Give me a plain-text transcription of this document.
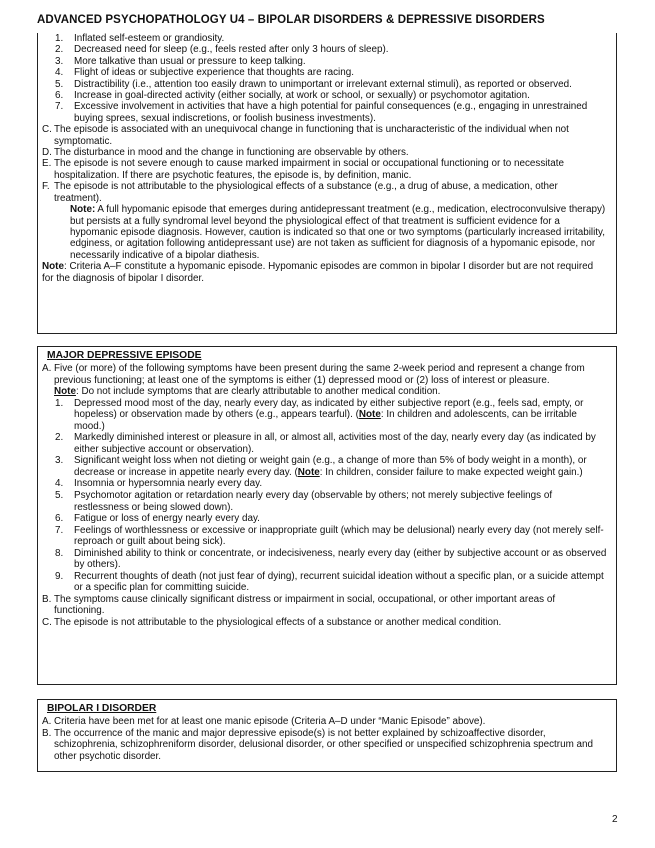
ADVANCED PSYCHOPATHOLOGY U4 – BIPOLAR DISORDERS & DEPRESSIVE DISORDERS
1. Inflated self-esteem or grandiosity.
2. Decreased need for sleep (e.g., feels rested after only 3 hours of sleep).
3. More talkative than usual or pressure to keep talking.
4. Flight of ideas or subjective experience that thoughts are racing.
5. Distractibility (i.e., attention too easily drawn to unimportant or irrelevant external stimuli), as reported or observed.
6. Increase in goal-directed activity (either socially, at work or school, or sexually) or psychomotor agitation.
7. Excessive involvement in activities that have a high potential for painful consequences (e.g., engaging in unrestrained buying sprees, sexual indiscretions, or foolish business investments).
C. The episode is associated with an unequivocal change in functioning that is uncharacteristic of the individual when not symptomatic.
D. The disturbance in mood and the change in functioning are observable by others.
E. The episode is not severe enough to cause marked impairment in social or occupational functioning or to necessitate hospitalization. If there are psychotic features, the episode is, by definition, manic.
F. The episode is not attributable to the physiological effects of a substance (e.g., a drug of abuse, a medication, other treatment).
Note: A full hypomanic episode that emerges during antidepressant treatment (e.g., medication, electroconvulsive therapy) but persists at a fully syndromal level beyond the physiological effect of that treatment is sufficient evidence for a hypomanic episode diagnosis. However, caution is indicated so that one or two symptoms (particularly increased irritability, edginess, or agitation following antidepressant use) are not taken as sufficient for diagnosis of a hypomanic episode, nor necessarily indicative of a bipolar diathesis.
Note: Criteria A–F constitute a hypomanic episode. Hypomanic episodes are common in bipolar I disorder but are not required for the diagnosis of bipolar I disorder.
MAJOR DEPRESSIVE EPISODE
A. Five (or more) of the following symptoms have been present during the same 2-week period and represent a change from previous functioning; at least one of the symptoms is either (1) depressed mood or (2) loss of interest or pleasure.
Note: Do not include symptoms that are clearly attributable to another medical condition.
1. Depressed mood most of the day, nearly every day, as indicated by either subjective report (e.g., feels sad, empty, or hopeless) or observation made by others (e.g., appears tearful). (Note: In children and adolescents, can be irritable mood.)
2. Markedly diminished interest or pleasure in all, or almost all, activities most of the day, nearly every day (as indicated by either subjective account or observation).
3. Significant weight loss when not dieting or weight gain (e.g., a change of more than 5% of body weight in a month), or decrease or increase in appetite nearly every day. (Note: In children, consider failure to make expected weight gain.)
4. Insomnia or hypersomnia nearly every day.
5. Psychomotor agitation or retardation nearly every day (observable by others; not merely subjective feelings of restlessness or being slowed down).
6. Fatigue or loss of energy nearly every day.
7. Feelings of worthlessness or excessive or inappropriate guilt (which may be delusional) nearly every day (not merely self-reproach or guilt about being sick).
8. Diminished ability to think or concentrate, or indecisiveness, nearly every day (either by subjective account or as observed by others).
9. Recurrent thoughts of death (not just fear of dying), recurrent suicidal ideation without a specific plan, or a suicide attempt or a specific plan for committing suicide.
B. The symptoms cause clinically significant distress or impairment in social, occupational, or other important areas of functioning.
C. The episode is not attributable to the physiological effects of a substance or another medical condition.
BIPOLAR I DISORDER
A. Criteria have been met for at least one manic episode (Criteria A–D under “Manic Episode” above).
B. The occurrence of the manic and major depressive episode(s) is not better explained by schizoaffective disorder, schizophrenia, schizophreniform disorder, delusional disorder, or other specified or unspecified schizophrenia spectrum and other psychotic disorder.
2
